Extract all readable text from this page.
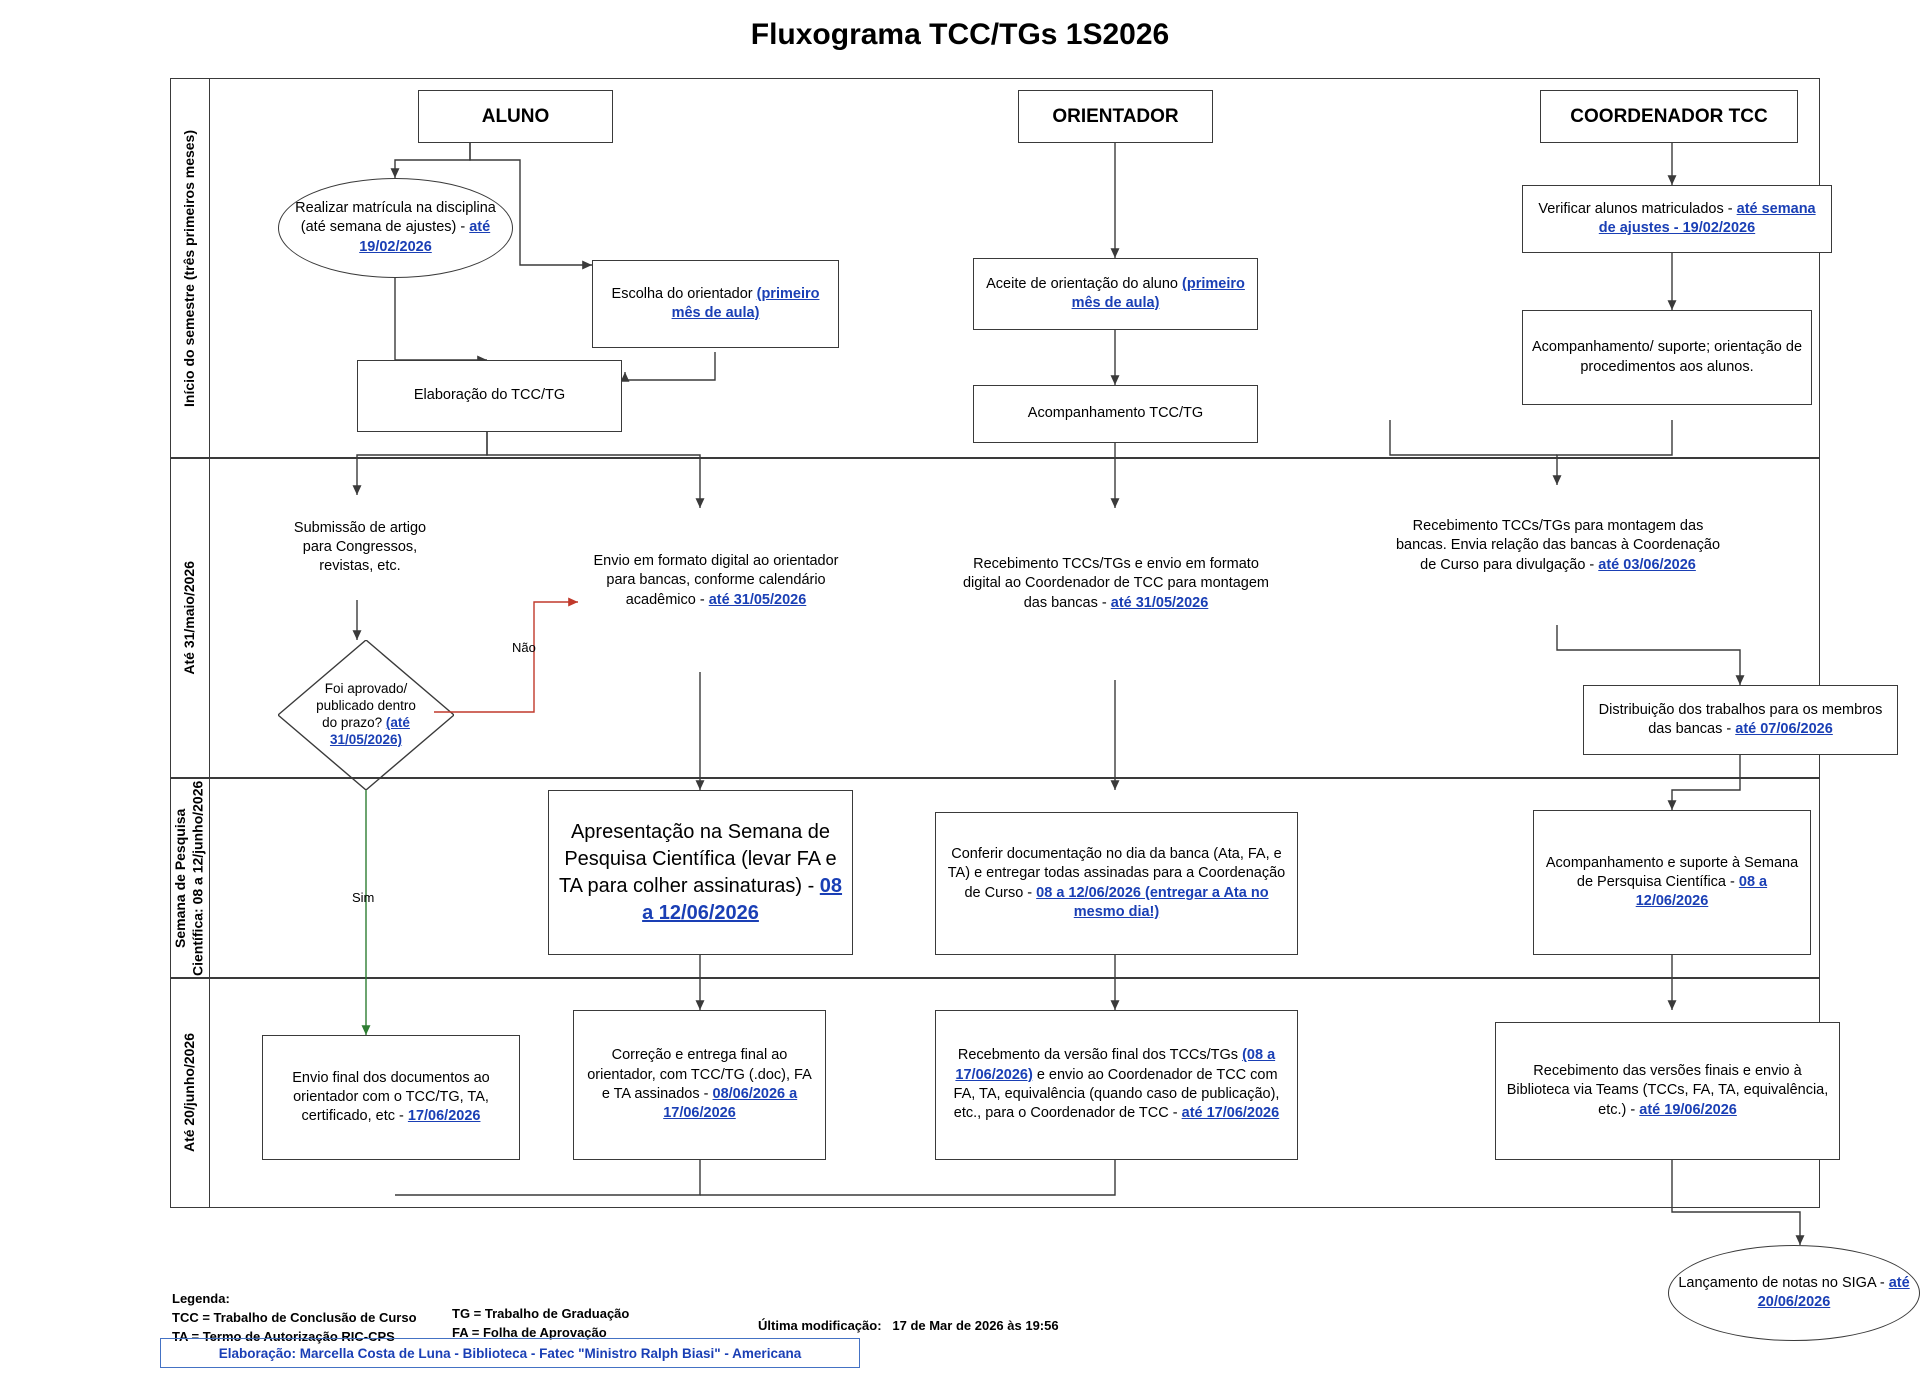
Fluxograma TCC/TGs 1S2026
Início do semestre (três primeiros meses)
Até 31/maio/2026
Semana de Pesquisa Científica: 08 a 12/junho/2026
Até 20/junho/2026
ALUNO	ORIENTADOR	COORDENADOR TCC
Realizar matrícula na disciplina (até semana de ajustes) - até 19/02/2026
Escolha do orientador (primeiro mês de aula)
Elaboração do TCC/TG
Submissão de artigo para Congressos, revistas, etc.
Foi aprovado/ publicado dentro do prazo? (até 31/05/2026)
Não
Sim
Envio em formato digital ao orientador para bancas, conforme calendário acadêmico - até 31/05/2026
Apresentação na Semana de Pesquisa Científica (levar FA e TA para colher assinaturas) - 08 a 12/06/2026
Envio final dos documentos ao orientador com o TCC/TG, TA, certificado, etc - 17/06/2026
Correção e entrega final ao orientador, com TCC/TG (.doc), FA e TA assinados - 08/06/2026 a 17/06/2026
Aceite de orientação do aluno (primeiro mês de aula)
Acompanhamento TCC/TG
Recebimento TCCs/TGs e envio em formato digital ao Coordenador de TCC para montagem das bancas - até 31/05/2026
Conferir documentação no dia da banca (Ata, FA, e TA) e entregar todas assinadas para a Coordenação de Curso - 08 a 12/06/2026 (entregar a Ata no mesmo dia!)
Recebmento da versão final dos TCCs/TGs (08 a 17/06/2026) e envio ao Coordenador de TCC com FA, TA, equivalência (quando caso de publicação), etc., para o Coordenador de TCC - até 17/06/2026
Verificar alunos matriculados - até semana de ajustes - 19/02/2026
Acompanhamento/ suporte; orientação de procedimentos aos alunos.
Recebimento TCCs/TGs para montagem das bancas. Envia relação das bancas à Coordenação de Curso para divulgação - até 03/06/2026
Distribuição dos trabalhos para os membros das bancas - até 07/06/2026
Acompanhamento e suporte à Semana de Persquisa Científica - 08 a 12/06/2026
Recebimento das versões finais e envio à Biblioteca via Teams (TCCs, FA, TA, equivalência, etc.) - até 19/06/2026
Lançamento de notas no SIGA - até 20/06/2026
Legenda:
TCC = Trabalho de Conclusão de Curso
TA = Termo de Autorização RIC-CPS
TG = Trabalho de Graduação
FA = Folha de Aprovação	Última modificação: 17 de Mar de 2026 às 19:56
Elaboração: Marcella Costa de Luna - Biblioteca - Fatec "Ministro Ralph Biasi" - Americana
